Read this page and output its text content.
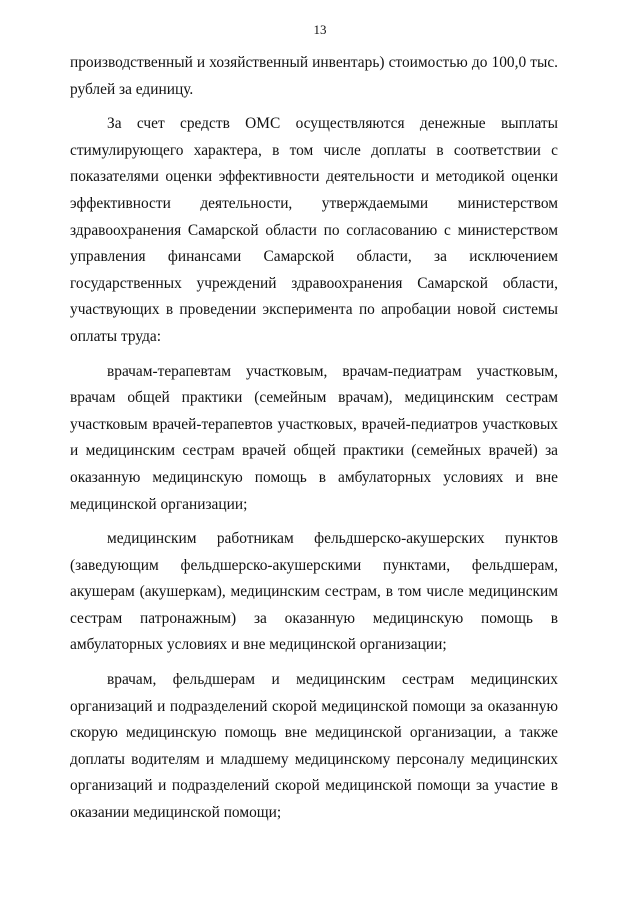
13
производственный и хозяйственный инвентарь) стоимостью до 100,0 тыс.
рублей за единицу.
За счет средств ОМС осуществляются денежные выплаты
стимулирующего характера, в том числе доплаты в соответствии с
показателями оценки эффективности деятельности и методикой оценки
эффективности деятельности, утверждаемыми министерством
здравоохранения Самарской области по согласованию с министерством
управления финансами Самарской области, за исключением
государственных учреждений здравоохранения Самарской области,
участвующих в проведении эксперимента по апробации новой системы
оплаты труда:
врачам-терапевтам участковым, врачам-педиатрам участковым,
врачам общей практики (семейным врачам), медицинским сестрам
участковым врачей-терапевтов участковых, врачей-педиатров участковых
и медицинским сестрам врачей общей практики (семейных врачей) за
оказанную медицинскую помощь в амбулаторных условиях и вне
медицинской организации;
медицинским работникам фельдшерско-акушерских пунктов
(заведующим фельдшерско-акушерскими пунктами, фельдшерам,
акушерам (акушеркам), медицинским сестрам, в том числе медицинским
сестрам патронажным) за оказанную медицинскую помощь в
амбулаторных условиях и вне медицинской организации;
врачам, фельдшерам и медицинским сестрам медицинских
организаций и подразделений скорой медицинской помощи за оказанную
скорую медицинскую помощь вне медицинской организации, а также
доплаты водителям и младшему медицинскому персоналу медицинских
организаций и подразделений скорой медицинской помощи за участие в
оказании медицинской помощи;
